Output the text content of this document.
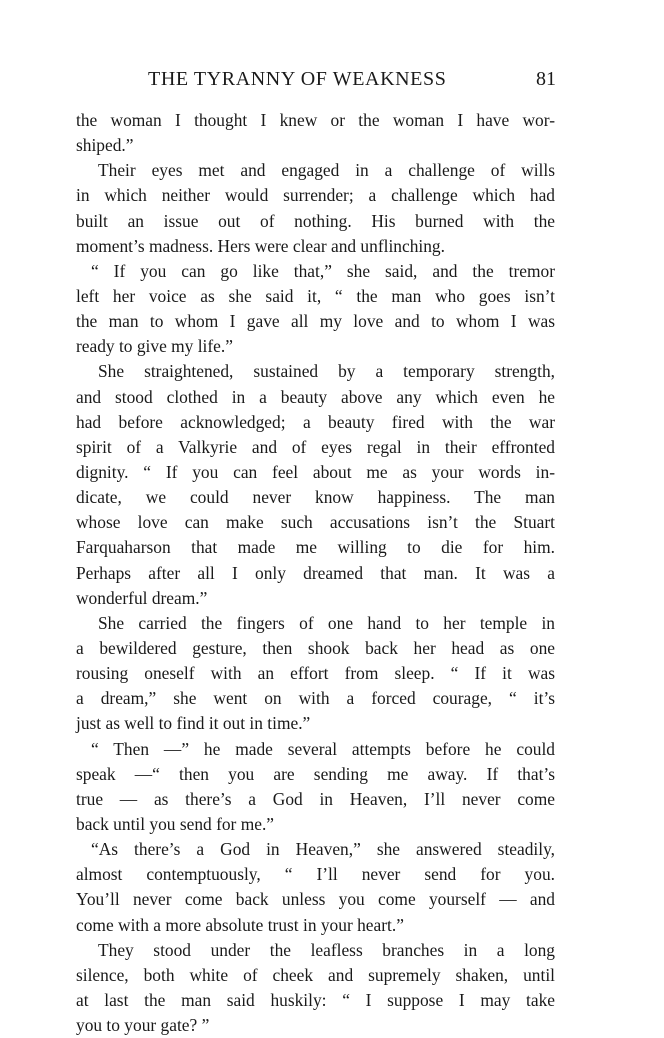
THE TYRANNY OF WEAKNESS	81
the woman I thought I knew or the woman I have wor-
shiped.”
Their eyes met and engaged in a challenge of wills
in which neither would surrender; a challenge which had
built an issue out of nothing. His burned with the
moment’s madness. Hers were clear and unflinching.
“ If you can go like that,” she said, and the tremor
left her voice as she said it, “ the man who goes isn’t
the man to whom I gave all my love and to whom I was
ready to give my life.”
She straightened, sustained by a temporary strength,
and stood clothed in a beauty above any which even he
had before acknowledged; a beauty fired with the war
spirit of a Valkyrie and of eyes regal in their effronted
dignity. “ If you can feel about me as your words in-
dicate, we could never know happiness. The man
whose love can make such accusations isn’t the Stuart
Farquaharson that made me willing to die for him.
Perhaps after all I only dreamed that man. It was a
wonderful dream.”
She carried the fingers of one hand to her temple in
a bewildered gesture, then shook back her head as one
rousing oneself with an effort from sleep. “ If it was
a dream,” she went on with a forced courage, “ it’s
just as well to find it out in time.”
“ Then —” he made several attempts before he could
speak —“ then you are sending me away. If that’s
true — as there’s a God in Heaven, I’ll never come
back until you send for me.”
“As there’s a God in Heaven,” she answered steadily,
almost contemptuously, “ I’ll never send for you.
You’ll never come back unless you come yourself — and
come with a more absolute trust in your heart.”
They stood under the leafless branches in a long
silence, both white of cheek and supremely shaken, until
at last the man said huskily: “ I suppose I may take
you to your gate? ”
